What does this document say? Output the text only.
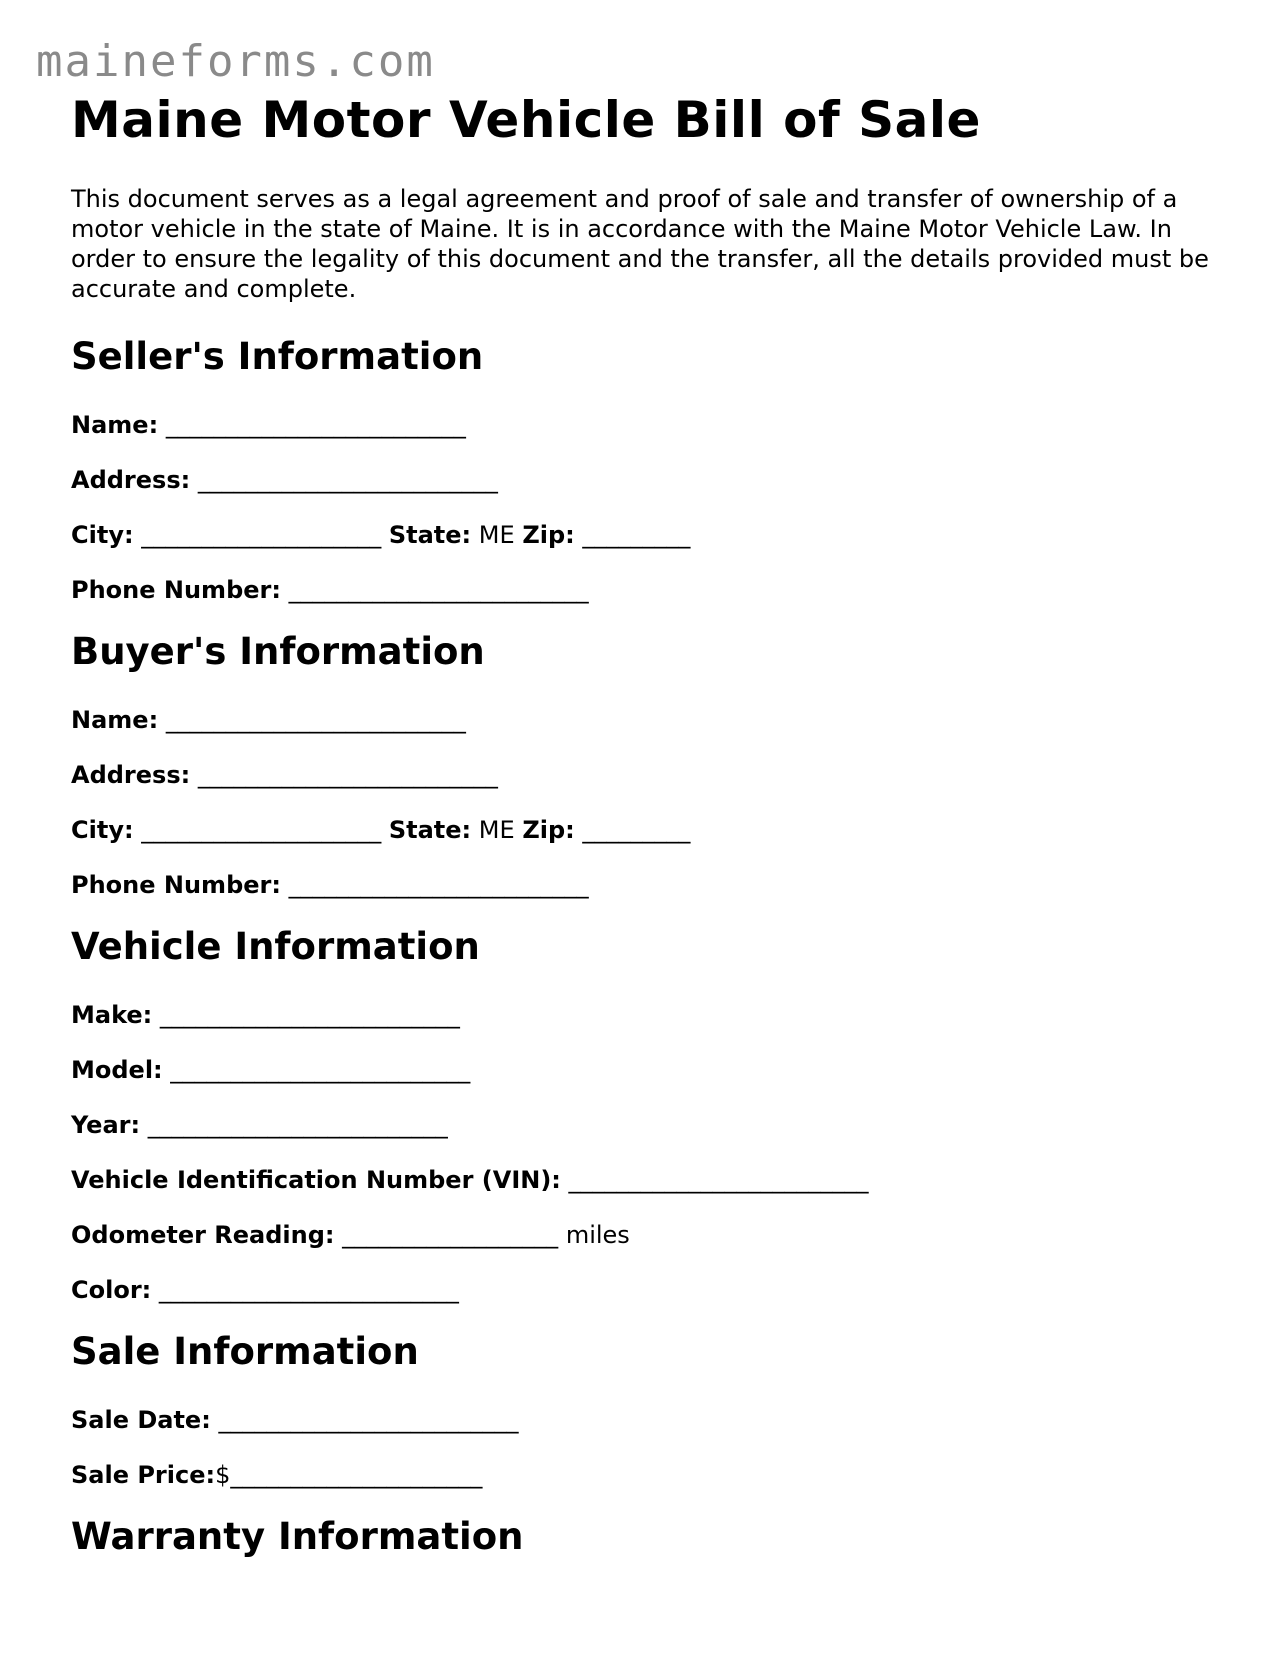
maineforms.com
Maine Motor Vehicle Bill of Sale

This document serves as a legal agreement and proof of sale and transfer of ownership of a motor vehicle in the state of Maine. It is in accordance with the Maine Motor Vehicle Law. In order to ensure the legality of this document and the transfer, all the details provided must be accurate and complete.

Seller's Information
Name: _________________________
Address: _________________________
City: ____________________ State: ME Zip: _________
Phone Number: _________________________
Buyer's Information
Name: _________________________
Address: _________________________
City: ____________________ State: ME Zip: _________
Phone Number: _________________________
Vehicle Information
Make: _________________________
Model: _________________________
Year: _________________________
Vehicle Identification Number (VIN): _________________________
Odometer Reading: __________________ miles
Color: _________________________
Sale Information
Sale Date: _________________________
Sale Price:$_____________________
Warranty Information
